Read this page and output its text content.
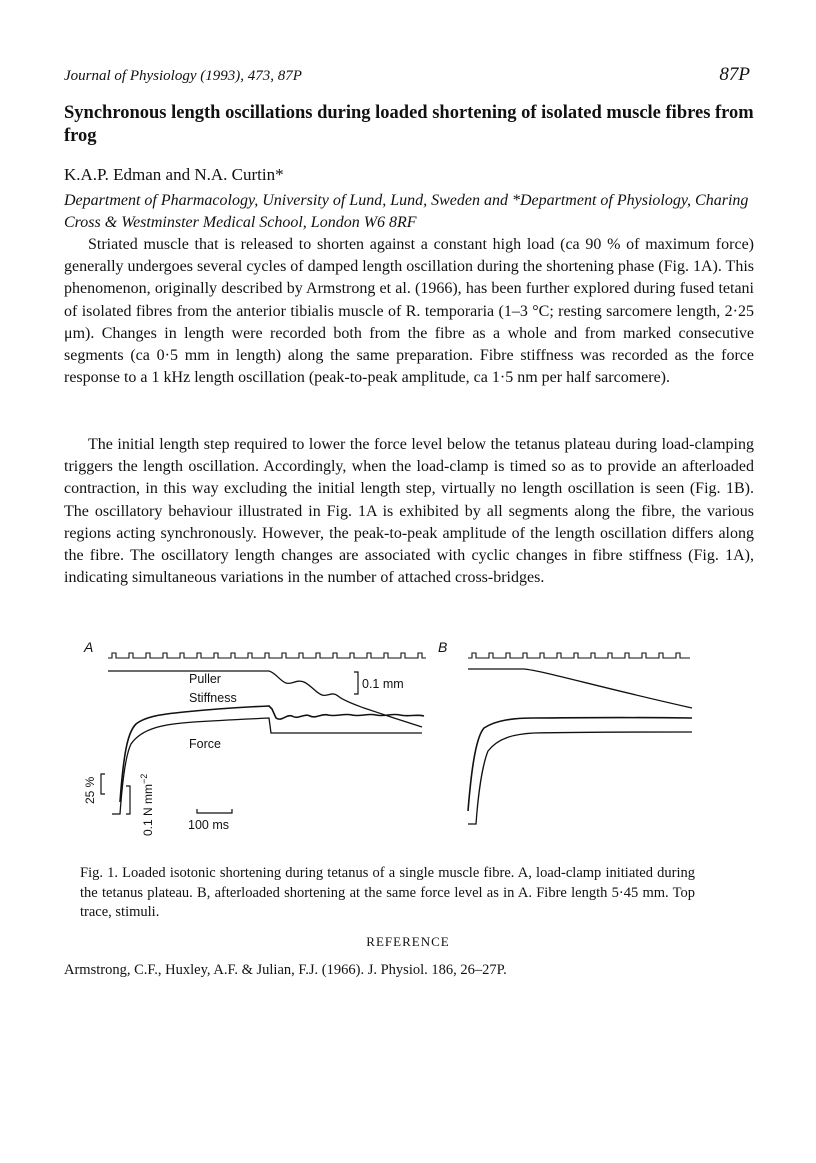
Journal of Physiology (1993), 473, 87P	87P
Synchronous length oscillations during loaded shortening of isolated muscle fibres from frog
K.A.P. Edman and N.A. Curtin*
Department of Pharmacology, University of Lund, Lund, Sweden and *Department of Physiology, Charing Cross & Westminster Medical School, London W6 8RF

Striated muscle that is released to shorten against a constant high load (ca 90 % of maximum force) generally undergoes several cycles of damped length oscillation during the shortening phase (Fig. 1A). This phenomenon, originally described by Armstrong et al. (1966), has been further explored during fused tetani of isolated fibres from the anterior tibialis muscle of R. temporaria (1–3 °C; resting sarcomere length, 2·25 μm). Changes in length were recorded both from the fibre as a whole and from marked consecutive segments (ca 0·5 mm in length) along the same preparation. Fibre stiffness was recorded as the force response to a 1 kHz length oscillation (peak-to-peak amplitude, ca 1·5 nm per half sarcomere).

The initial length step required to lower the force level below the tetanus plateau during load-clamping triggers the length oscillation. Accordingly, when the load-clamp is timed so as to provide an afterloaded contraction, in this way excluding the initial length step, virtually no length oscillation is seen (Fig. 1B). The oscillatory behaviour illustrated in Fig. 1A is exhibited by all segments along the fibre, the various regions acting synchronously. However, the peak-to-peak amplitude of the length oscillation differs along the fibre. The oscillatory length changes are associated with cyclic changes in fibre stiffness (Fig. 1A), indicating simultaneous variations in the number of attached cross-bridges.

A	B
Puller
Stiffness
Force
0.1 mm
25 %	0.1 N $mm^{-2}$
100 ms

Fig. 1. Loaded isotonic shortening during tetanus of a single muscle fibre. A, load-clamp initiated during the tetanus plateau. B, afterloaded shortening at the same force level as in A. Fibre length 5·45 mm. Top trace, stimuli.

REFERENCE
Armstrong, C.F., Huxley, A.F. & Julian, F.J. (1966). J. Physiol. 186, 26–27P.
